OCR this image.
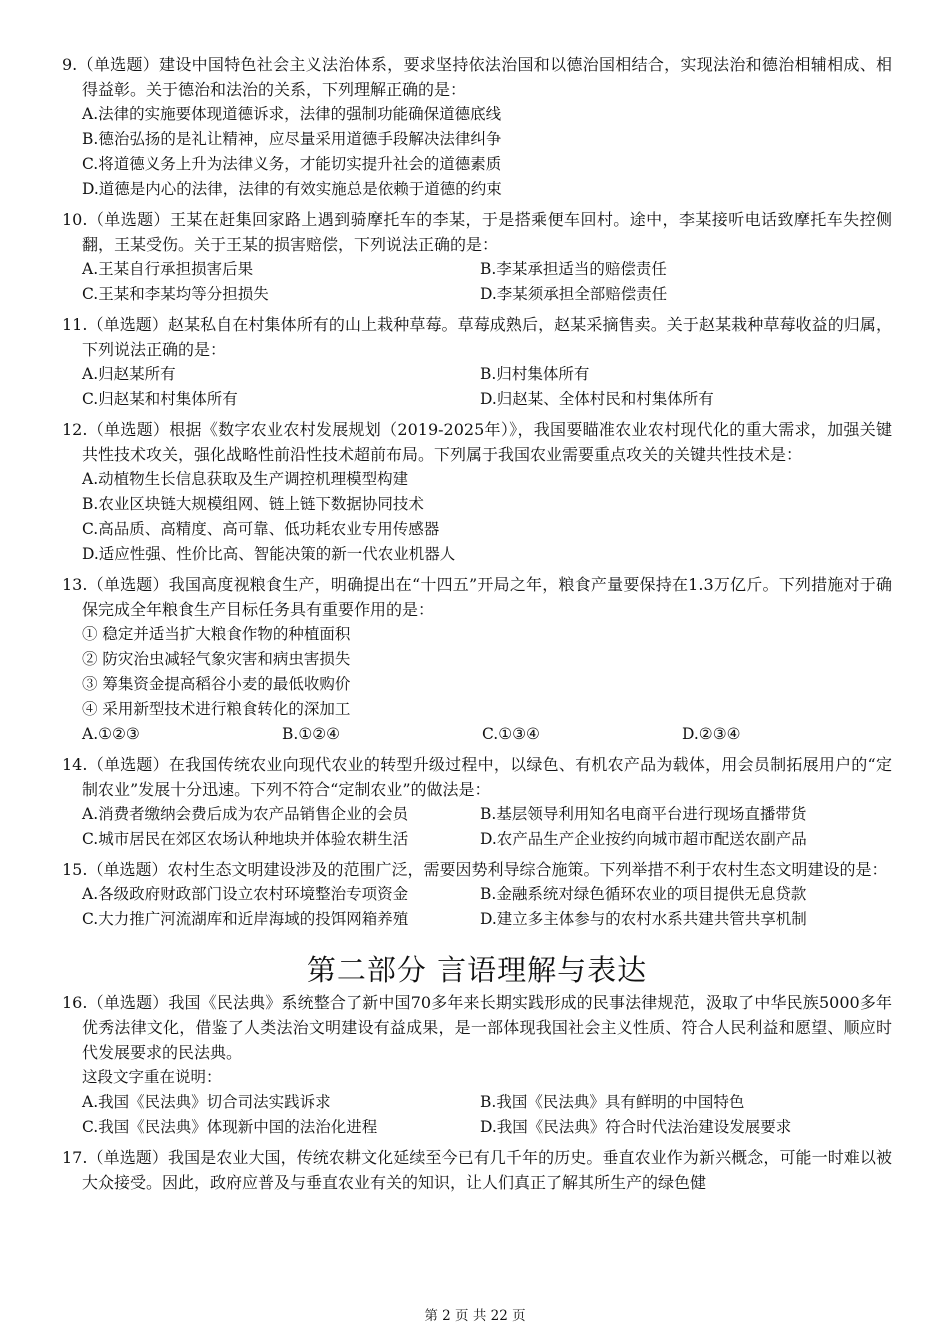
9.（单选题）建设中国特色社会主义法治体系，要求坚持依法治国和以德治国相结合，实现法治和德治相辅相成、相得益彰。关于德治和法治的关系，下列理解正确的是：
A.法律的实施要体现道德诉求，法律的强制功能确保道德底线
B.德治弘扬的是礼让精神，应尽量采用道德手段解决法律纠争
C.将道德义务上升为法律义务，才能切实提升社会的道德素质
D.道德是内心的法律，法律的有效实施总是依赖于道德的约束
10.（单选题）王某在赶集回家路上遇到骑摩托车的李某，于是搭乘便车回村。途中，李某接听电话致摩托车失控侧翻，王某受伤。关于王某的损害赔偿，下列说法正确的是：
A.王某自行承担损害后果	B.李某承担适当的赔偿责任
C.王某和李某均等分担损失	D.李某须承担全部赔偿责任
11.（单选题）赵某私自在村集体所有的山上栽种草莓。草莓成熟后，赵某采摘售卖。关于赵某栽种草莓收益的归属，下列说法正确的是：
A.归赵某所有	B.归村集体所有
C.归赵某和村集体所有	D.归赵某、全体村民和村集体所有
12.（单选题）根据《数字农业农村发展规划（2019-2025年）》，我国要瞄准农业农村现代化的重大需求，加强关键共性技术攻关，强化战略性前沿性技术超前布局。下列属于我国农业需要重点攻关的关键共性技术是：
A.动植物生长信息获取及生产调控机理模型构建
B.农业区块链大规模组网、链上链下数据协同技术
C.高品质、高精度、高可靠、低功耗农业专用传感器
D.适应性强、性价比高、智能决策的新一代农业机器人
13.（单选题）我国高度视粮食生产，明确提出在“十四五”开局之年，粮食产量要保持在1.3万亿斤。下列措施对于确保完成全年粮食生产目标任务具有重要作用的是：
① 稳定并适当扩大粮食作物的种植面积
② 防灾治虫减轻气象灾害和病虫害损失
③ 筹集资金提高稻谷小麦的最低收购价
④ 采用新型技术进行粮食转化的深加工
A.①②③	B.①②④	C.①③④	D.②③④
14.（单选题）在我国传统农业向现代农业的转型升级过程中，以绿色、有机农产品为载体，用会员制拓展用户的“定制农业”发展十分迅速。下列不符合“定制农业”的做法是：
A.消费者缴纳会费后成为农产品销售企业的会员	B.基层领导利用知名电商平台进行现场直播带货
C.城市居民在郊区农场认种地块并体验农耕生活	D.农产品生产企业按约向城市超市配送农副产品
15.（单选题）农村生态文明建设涉及的范围广泛，需要因势利导综合施策。下列举措不利于农村生态文明建设的是：
A.各级政府财政部门设立农村环境整治专项资金	B.金融系统对绿色循环农业的项目提供无息贷款
C.大力推广河流湖库和近岸海域的投饵网箱养殖	D.建立多主体参与的农村水系共建共管共享机制
第二部分 言语理解与表达
16.（单选题）我国《民法典》系统整合了新中国70多年来长期实践形成的民事法律规范，汲取了中华民族5000多年优秀法律文化，借鉴了人类法治文明建设有益成果，是一部体现我国社会主义性质、符合人民利益和愿望、顺应时代发展要求的民法典。
这段文字重在说明：
A.我国《民法典》切合司法实践诉求	B.我国《民法典》具有鲜明的中国特色
C.我国《民法典》体现新中国的法治化进程	D.我国《民法典》符合时代法治建设发展要求
17.（单选题）我国是农业大国，传统农耕文化延续至今已有几千年的历史。垂直农业作为新兴概念，可能一时难以被大众接受。因此，政府应普及与垂直农业有关的知识，让人们真正了解其所生产的绿色健
第 2 页 共 22 页
